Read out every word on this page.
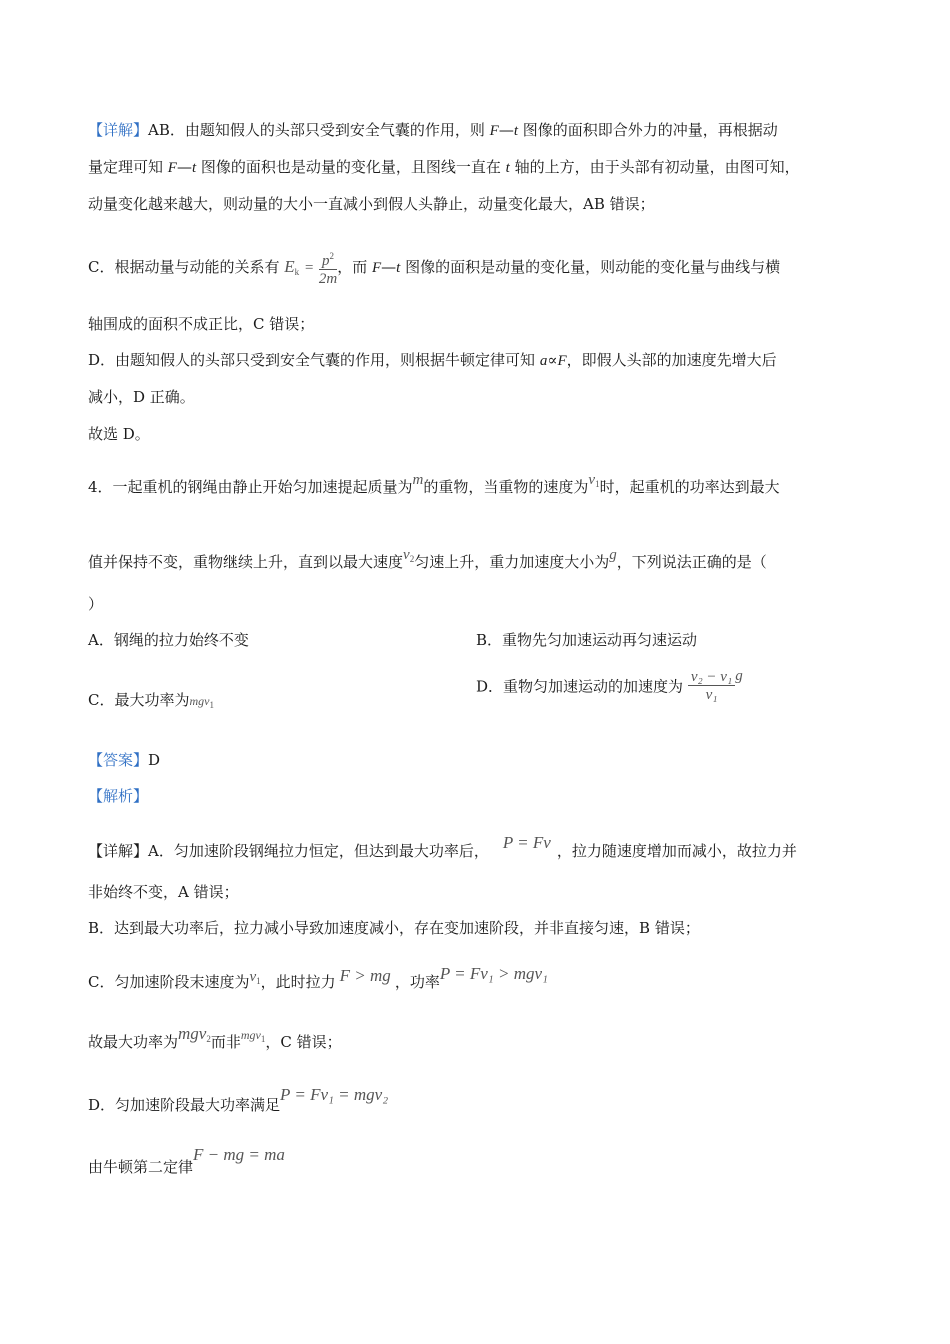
【详解】AB．由题知假人的头部只受到安全气囊的作用，则 F—t 图像的面积即合外力的冲量，再根据动
量定理可知 F—t 图像的面积也是动量的变化量，且图线一直在 t 轴的上方，由于头部有初动量，由图可知，
动量变化越来越大，则动量的大小一直减小到假人头静止，动量变化最大，AB 错误；
C．根据动量与动能的关系有 $E_k = \frac{p^2}{2m}$ ，而 F—t 图像的面积是动量的变化量，则动能的变化量与曲线与横
轴围成的面积不成正比，C 错误；
D．由题知假人的头部只受到安全气囊的作用，则根据牛顿定律可知 a∝F，即假人头部的加速度先增大后
减小，D 正确。
故选 D。
4．一起重机的钢绳由静止开始匀加速提起质量为m的重物，当重物的速度为$v_1$时，起重机的功率达到最大
值并保持不变，重物继续上升，直到以最大速度$v_2$匀速上升，重力加速度大小为g，下列说法正确的是（
）
A．钢绳的拉力始终不变	B．重物先匀加速运动再匀速运动
C．最大功率为mgv$_1$
D．重物匀加速运动的加速度为 $\frac{\text{v₂ − v₁}}{\text{v₁}}$ g
【答案】D
【解析】
【详解】A．匀加速阶段钢绳拉力恒定，但达到最大功率后， P = Fv ，拉力随速度增加而减小，故拉力并
非始终不变，A 错误；
B．达到最大功率后，拉力减小导致加速度减小，存在变加速阶段，并非直接匀速，B 错误；
C．匀加速阶段末速度为$v_1$，此时拉力 F > mg ，功率P = Fv₁ > mgv₁
故最大功率为mgv$_2$而非$^{mgv_1}$，C 错误；
D．匀加速阶段最大功率满足P = Fv₁ = mgv₂
由牛顿第二定律F − mg = ma
